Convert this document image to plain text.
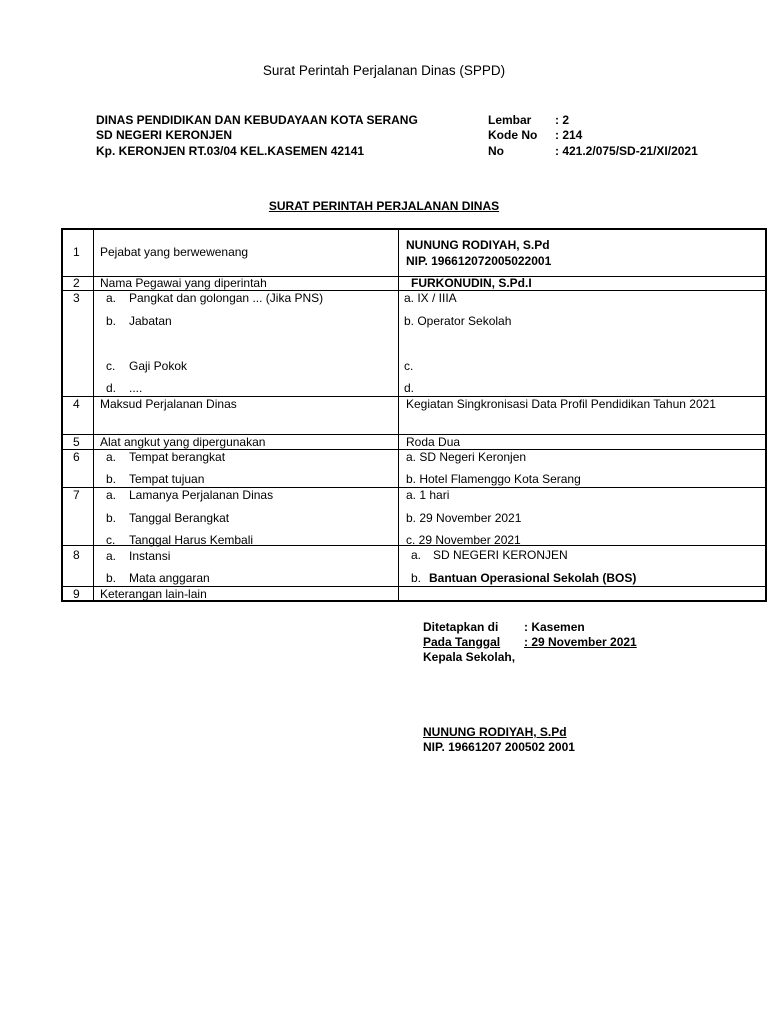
Surat Perintah Perjalanan Dinas (SPPD)
DINAS PENDIDIKAN DAN KEBUDAYAAN KOTA SERANG
SD NEGERI KERONJEN
Kp. KERONJEN RT.03/04 KEL.KASEMEN 42141
Lembar : 2
Kode No : 214
No	: 421.2/075/SD-21/XI/2021
SURAT PERINTAH PERJALANAN DINAS
1 Pejabat yang berwewenang	NUNUNG RODIYAH, S.Pd
NIP. 196612072005022001
2 Nama Pegawai yang diperintah	FURKONUDIN, S.Pd.I
3 a. Pangkat dan golongan ... (Jika PNS)	a. IX / IIIA
b. Jabatan	b. Operator Sekolah
c. Gaji Pokok	c.
d. ....	d.
4 Maksud Perjalanan Dinas	Kegiatan Singkronisasi Data Profil Pendidikan Tahun 2021
5 Alat angkut yang dipergunakan	Roda Dua
6 a. Tempat berangkat	a. SD Negeri Keronjen
b. Tempat tujuan	b. Hotel Flamenggo Kota Serang
7 a. Lamanya Perjalanan Dinas	a. 1 hari
b. Tanggal Berangkat	b. 29 November 2021
c. Tanggal Harus Kembali	c. 29 November 2021
8 a. Instansi	a. SD NEGERI KERONJEN
b. Mata anggaran	b. Bantuan Operasional Sekolah (BOS)
9 Keterangan lain-lain
Ditetapkan di : Kasemen
Pada Tanggal	: 29 November 2021
Kepala Sekolah,
NUNUNG RODIYAH, S.Pd
NIP. 19661207 200502 2001
